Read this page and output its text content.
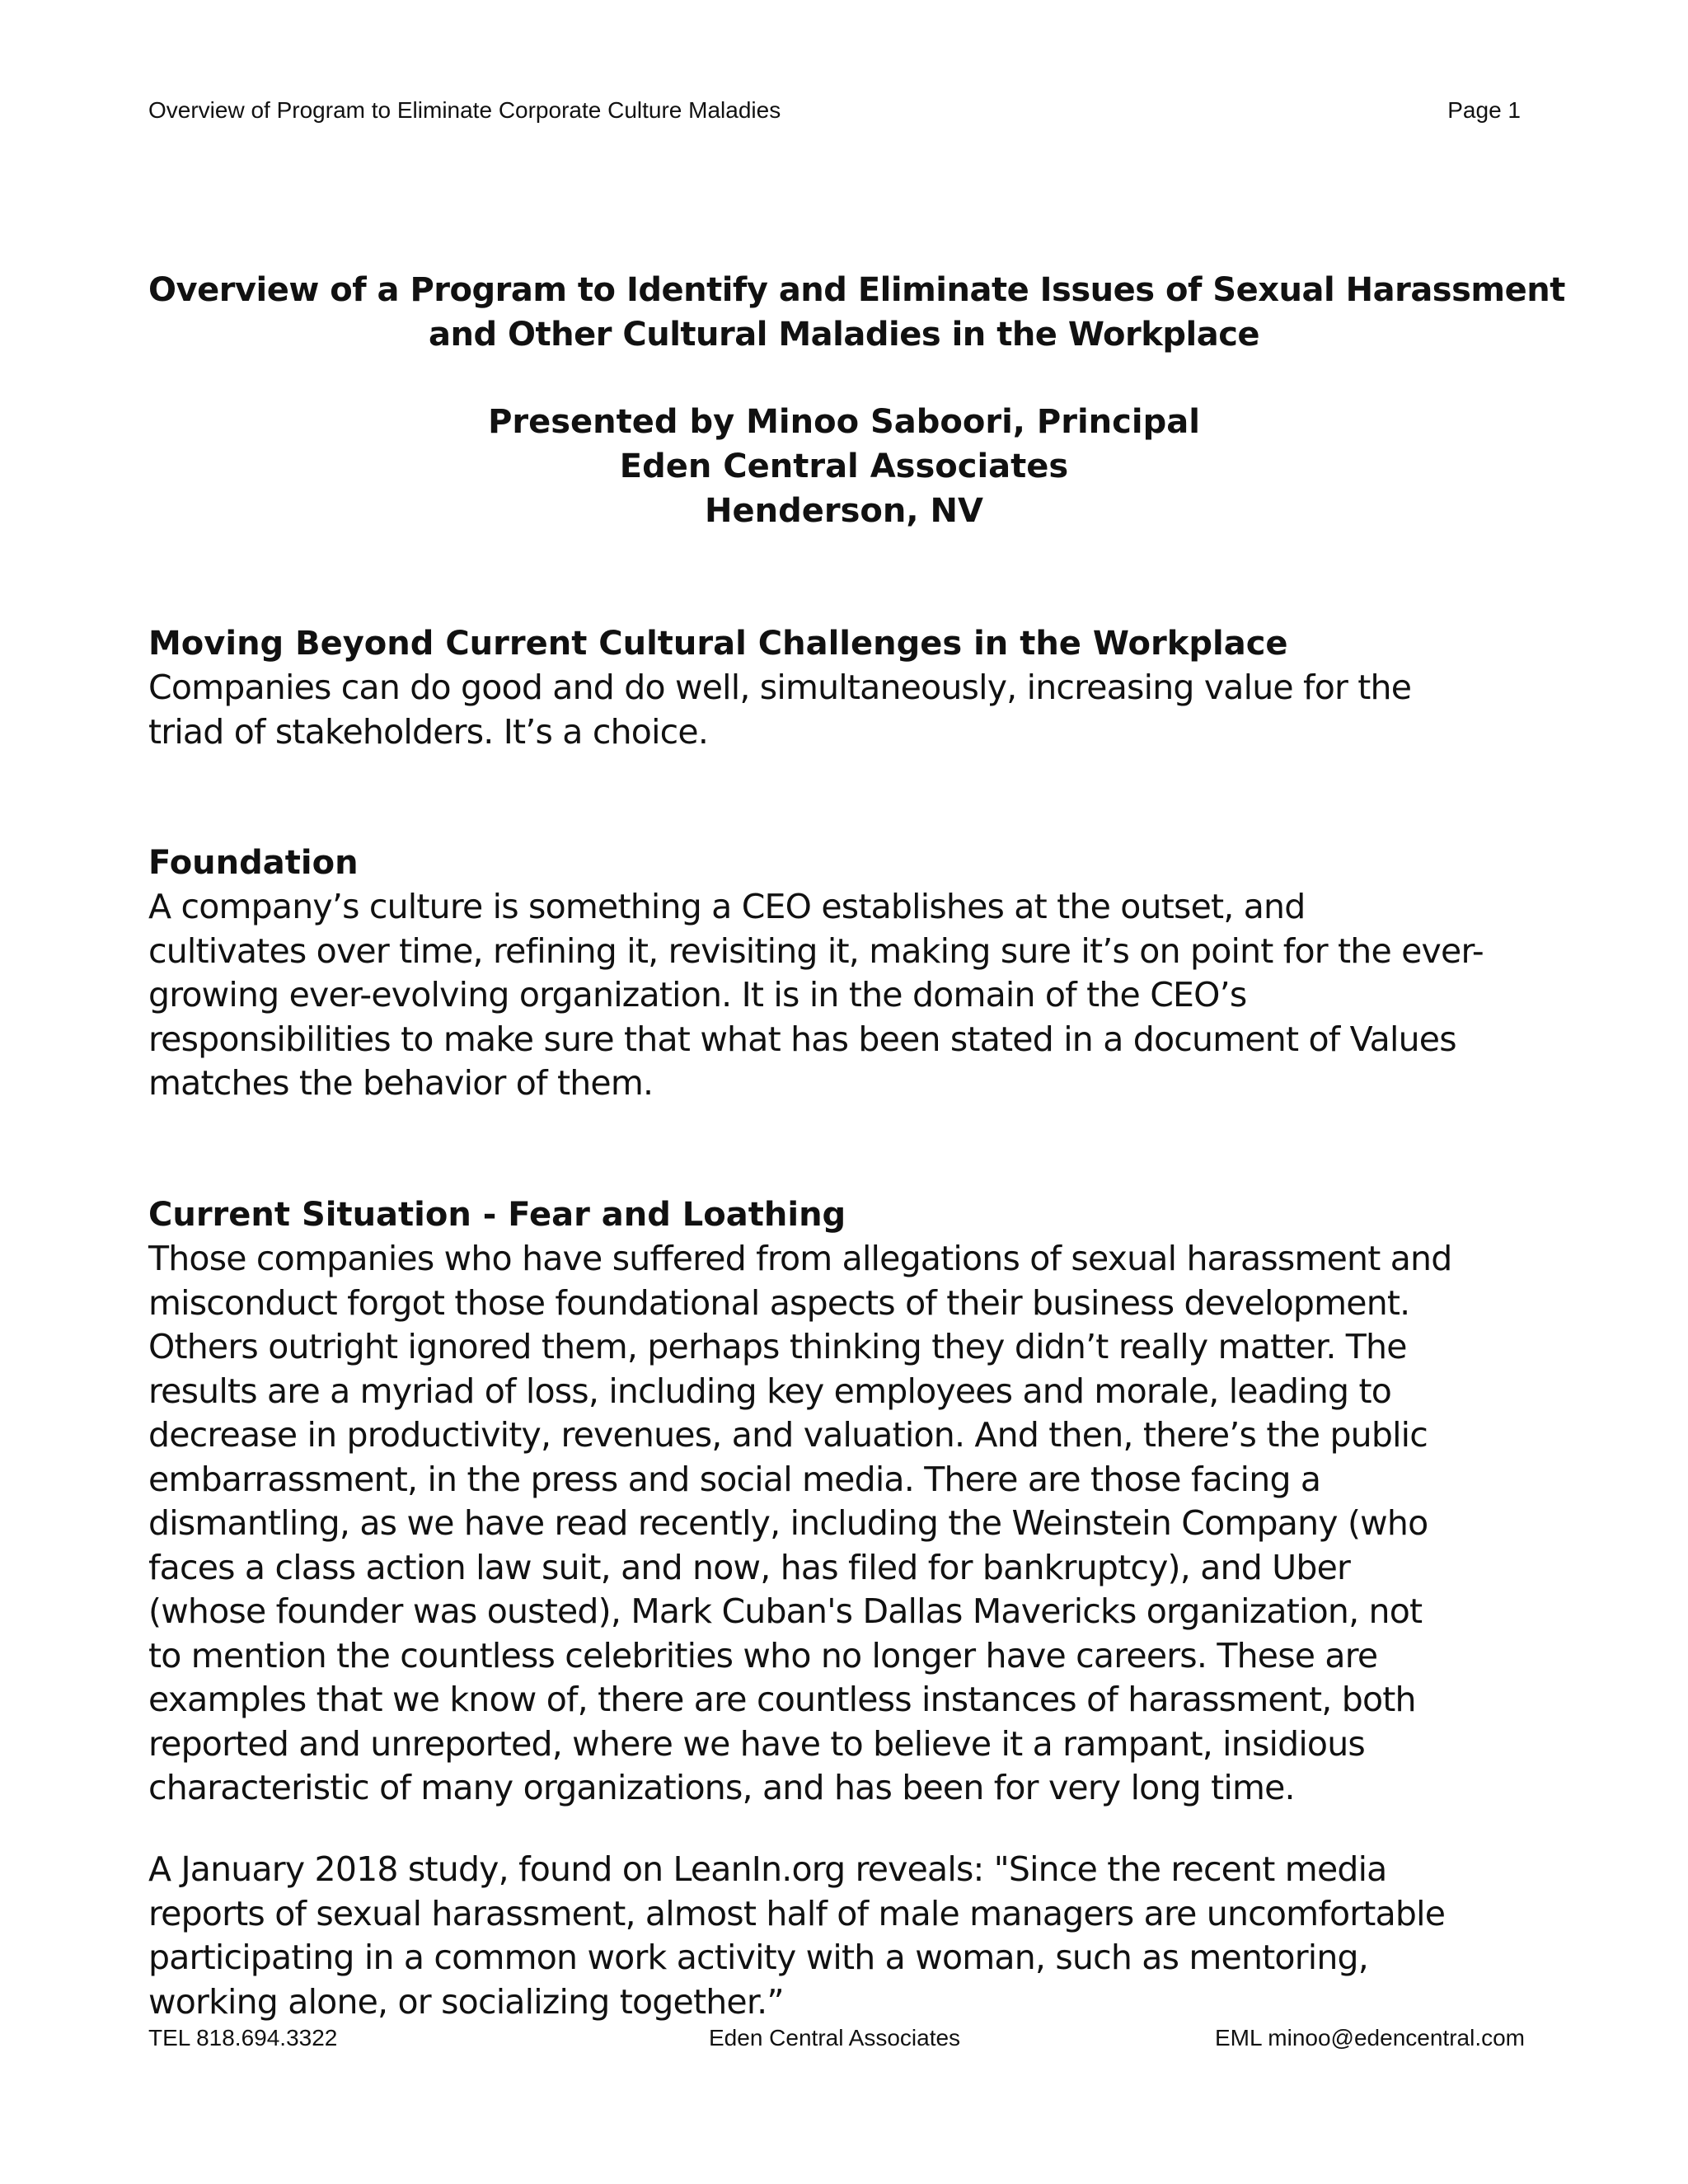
Overview of Program to Eliminate Corporate Culture Maladies	Page 1
Overview of a Program to Identify and Eliminate Issues of Sexual Harassment
and Other Cultural Maladies in the Workplace
Presented by Minoo Saboori, Principal
Eden Central Associates
Henderson, NV
Moving Beyond Current Cultural Challenges in the Workplace
Companies can do good and do well, simultaneously, increasing value for the
triad of stakeholders. It’s a choice.
Foundation
A company’s culture is something a CEO establishes at the outset, and
cultivates over time, refining it, revisiting it, making sure it’s on point for the ever-
growing ever-evolving organization. It is in the domain of the CEO’s
responsibilities to make sure that what has been stated in a document of Values
matches the behavior of them.
Current Situation - Fear and Loathing
Those companies who have suffered from allegations of sexual harassment and
misconduct forgot those foundational aspects of their business development.
Others outright ignored them, perhaps thinking they didn’t really matter. The
results are a myriad of loss, including key employees and morale, leading to
decrease in productivity, revenues, and valuation. And then, there’s the public
embarrassment, in the press and social media. There are those facing a
dismantling, as we have read recently, including the Weinstein Company (who
faces a class action law suit, and now, has filed for bankruptcy), and Uber
(whose founder was ousted), Mark Cuban's Dallas Mavericks organization, not
to mention the countless celebrities who no longer have careers. These are
examples that we know of, there are countless instances of harassment, both
reported and unreported, where we have to believe it a rampant, insidious
characteristic of many organizations, and has been for very long time.
A January 2018 study, found on LeanIn.org reveals: "Since the recent media
reports of sexual harassment, almost half of male managers are uncomfortable
participating in a common work activity with a woman, such as mentoring,
working alone, or socializing together.”
TEL 818.694.3322	Eden Central Associates	EML minoo@edencentral.com
